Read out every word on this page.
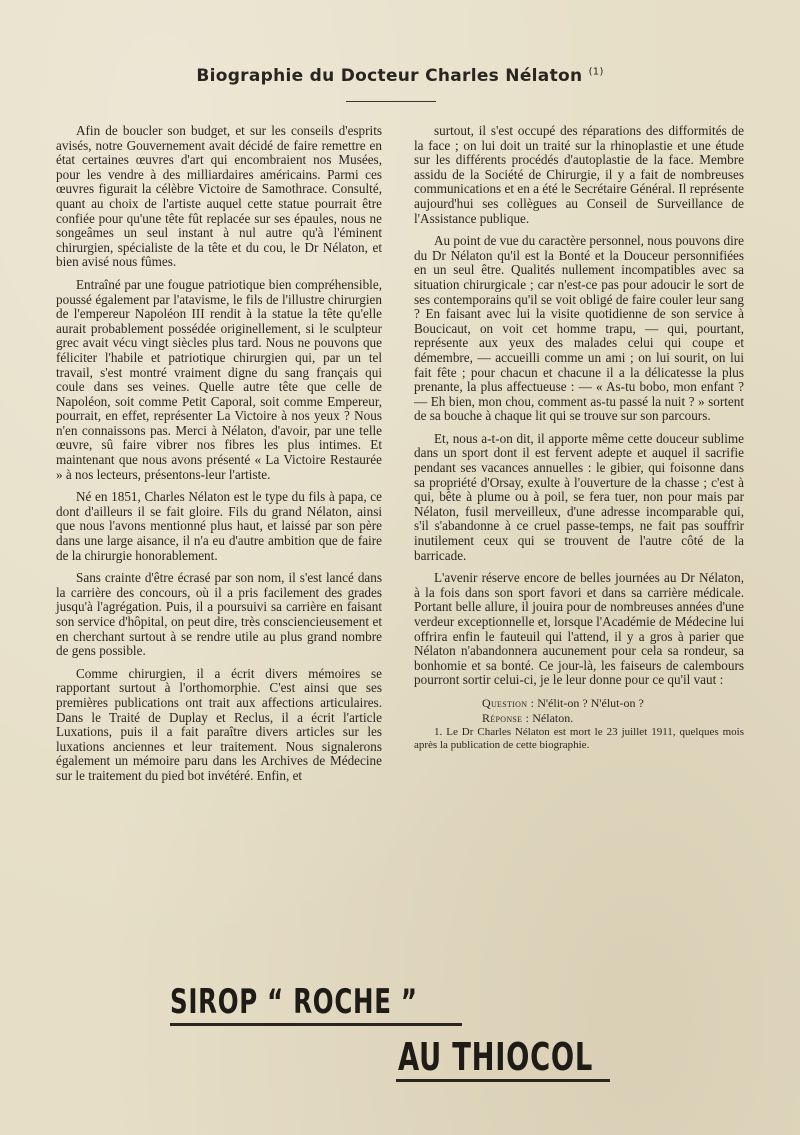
Biographie du Docteur Charles Nélaton $^{(1)}$

Afin de boucler son budget, et sur les conseils d'esprits avisés, notre Gouvernement avait décidé de faire remettre en état certaines œuvres d'art qui encombraient nos Musées, pour les vendre à des milliardaires américains. Parmi ces œuvres figurait la célèbre Victoire de Samothrace. Consulté, quant au choix de l'artiste auquel cette statue pourrait être confiée pour qu'une tête fût replacée sur ses épaules, nous ne songeâmes un seul instant à nul autre qu'à l'éminent chirurgien, spécialiste de la tête et du cou, le Dr Nélaton, et bien avisé nous fûmes.

Entraîné par une fougue patriotique bien compréhensible, poussé également par l'atavisme, le fils de l'illustre chirurgien de l'empereur Napoléon III rendit à la statue la tête qu'elle aurait probablement possédée originellement, si le sculpteur grec avait vécu vingt siècles plus tard. Nous ne pouvons que féliciter l'habile et patriotique chirurgien qui, par un tel travail, s'est montré vraiment digne du sang français qui coule dans ses veines. Quelle autre tête que celle de Napoléon, soit comme Petit Caporal, soit comme Empereur, pourrait, en effet, représenter La Victoire à nos yeux ? Nous n'en connaissons pas. Merci à Nélaton, d'avoir, par une telle œuvre, sû faire vibrer nos fibres les plus intimes. Et maintenant que nous avons présenté « La Victoire Restaurée » à nos lecteurs, présentons-leur l'artiste.

Né en 1851, Charles Nélaton est le type du fils à papa, ce dont d'ailleurs il se fait gloire. Fils du grand Nélaton, ainsi que nous l'avons mentionné plus haut, et laissé par son père dans une large aisance, il n'a eu d'autre ambition que de faire de la chirurgie honorablement.

Sans crainte d'être écrasé par son nom, il s'est lancé dans la carrière des concours, où il a pris facilement des grades jusqu'à l'agrégation. Puis, il a poursuivi sa carrière en faisant son service d'hôpital, on peut dire, très consciencieusement et en cherchant surtout à se rendre utile au plus grand nombre de gens possible.

Comme chirurgien, il a écrit divers mémoires se rapportant surtout à l'orthomorphie. C'est ainsi que ses premières publications ont trait aux affections articulaires. Dans le Traité de Duplay et Reclus, il a écrit l'article Luxations, puis il a fait paraître divers articles sur les luxations anciennes et leur traitement. Nous signalerons également un mémoire paru dans les Archives de Médecine sur le traitement du pied bot invétéré. Enfin, et

surtout, il s'est occupé des réparations des difformités de la face ; on lui doit un traité sur la rhinoplastie et une étude sur les différents procédés d'autoplastie de la face. Membre assidu de la Société de Chirurgie, il y a fait de nombreuses communications et en a été le Secrétaire Général. Il représente aujourd'hui ses collègues au Conseil de Surveillance de l'Assistance publique.

Au point de vue du caractère personnel, nous pouvons dire du Dr Nélaton qu'il est la Bonté et la Douceur personnifiées en un seul être. Qualités nullement incompatibles avec sa situation chirurgicale ; car n'est-ce pas pour adoucir le sort de ses contemporains qu'il se voit obligé de faire couler leur sang ? En faisant avec lui la visite quotidienne de son service à Boucicaut, on voit cet homme trapu, — qui, pourtant, représente aux yeux des malades celui qui coupe et démembre, — accueilli comme un ami ; on lui sourit, on lui fait fête ; pour chacun et chacune il a la délicatesse la plus prenante, la plus affectueuse : — « As-tu bobo, mon enfant ? — Eh bien, mon chou, comment as-tu passé la nuit ? » sortent de sa bouche à chaque lit qui se trouve sur son parcours.

Et, nous a-t-on dit, il apporte même cette douceur sublime dans un sport dont il est fervent adepte et auquel il sacrifie pendant ses vacances annuelles : le gibier, qui foisonne dans sa propriété d'Orsay, exulte à l'ouverture de la chasse ; c'est à qui, bête à plume ou à poil, se fera tuer, non pour mais par Nélaton, fusil merveilleux, d'une adresse incomparable qui, s'il s'abandonne à ce cruel passe-temps, ne fait pas souffrir inutilement ceux qui se trouvent de l'autre côté de la barricade.

L'avenir réserve encore de belles journées au Dr Nélaton, à la fois dans son sport favori et dans sa carrière médicale. Portant belle allure, il jouira pour de nombreuses années d'une verdeur exceptionnelle et, lorsque l'Académie de Médecine lui offrira enfin le fauteuil qui l'attend, il y a gros à parier que Nélaton n'abandonnera aucunement pour cela sa rondeur, sa bonhomie et sa bonté. Ce jour-là, les faiseurs de calembours pourront sortir celui-ci, je le leur donne pour ce qu'il vaut :

Question : N'élit-on ? N'élut-on ?
Réponse : Nélaton.

1. Le Dr Charles Nélaton est mort le 23 juillet 1911, quelques mois après la publication de cette biographie.

SIROP “ ROCHE ”
AU THIOCOL
